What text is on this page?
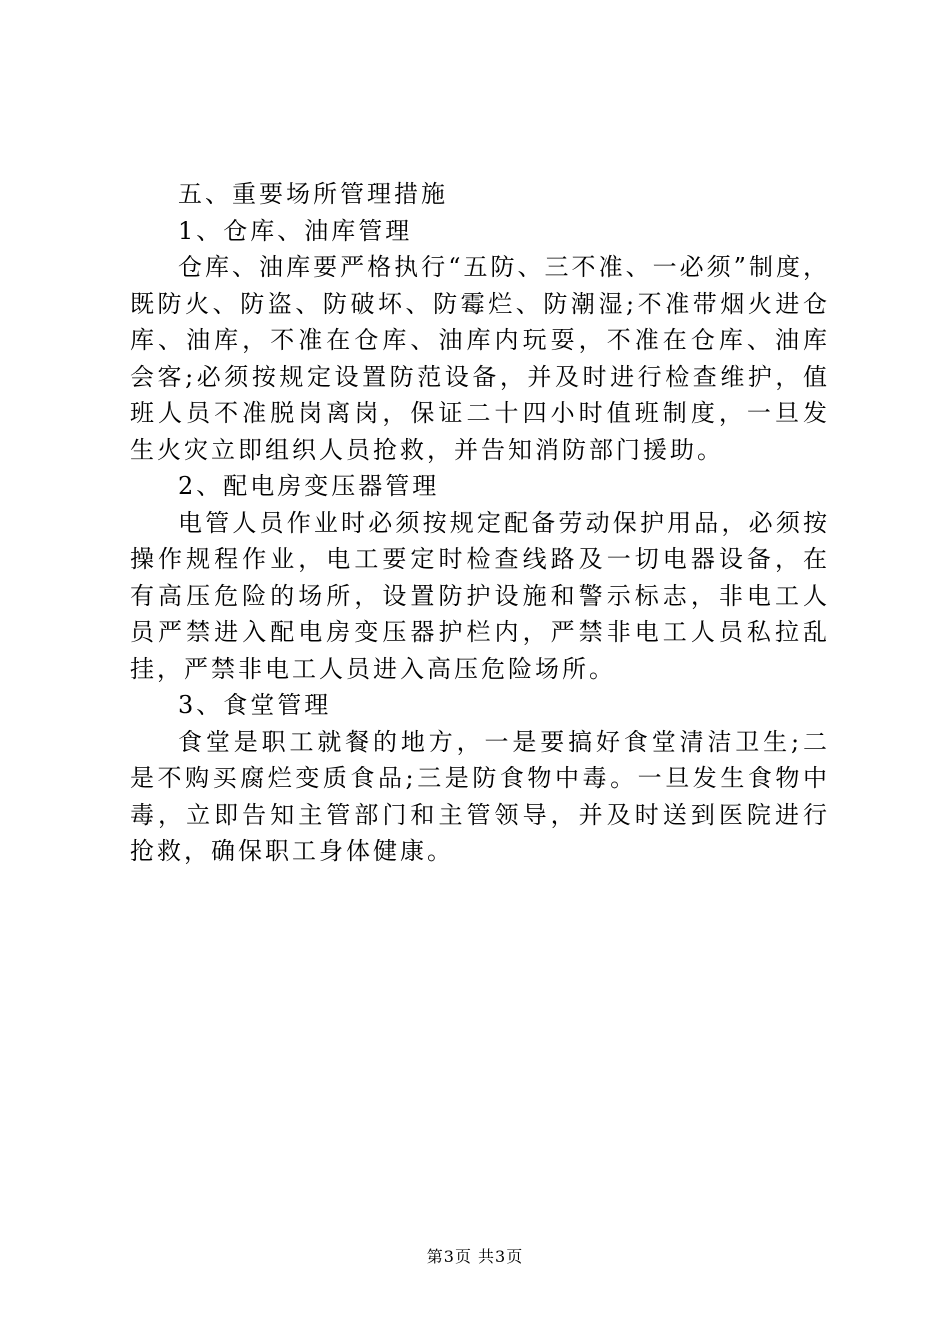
五、重要场所管理措施
1、仓库、油库管理

仓库、油库要严格执行“五防、三不准、一必须”制度，既防火、防盗、防破坏、防霉烂、防潮湿;不准带烟火进仓库、油库，不准在仓库、油库内玩耍，不准在仓库、油库会客;必须按规定设置防范设备，并及时进行检查维护，值班人员不准脱岗离岗，保证二十四小时值班制度，一旦发生火灾立即组织人员抢救，并告知消防部门援助。

2、配电房变压器管理

电管人员作业时必须按规定配备劳动保护用品，必须按操作规程作业，电工要定时检查线路及一切电器设备，在有高压危险的场所，设置防护设施和警示标志，非电工人员严禁进入配电房变压器护栏内，严禁非电工人员私拉乱挂，严禁非电工人员进入高压危险场所。

3、食堂管理

食堂是职工就餐的地方，一是要搞好食堂清洁卫生;二是不购买腐烂变质食品;三是防食物中毒。一旦发生食物中毒，立即告知主管部门和主管领导，并及时送到医院进行抢救，确保职工身体健康。

第3页 共3页
